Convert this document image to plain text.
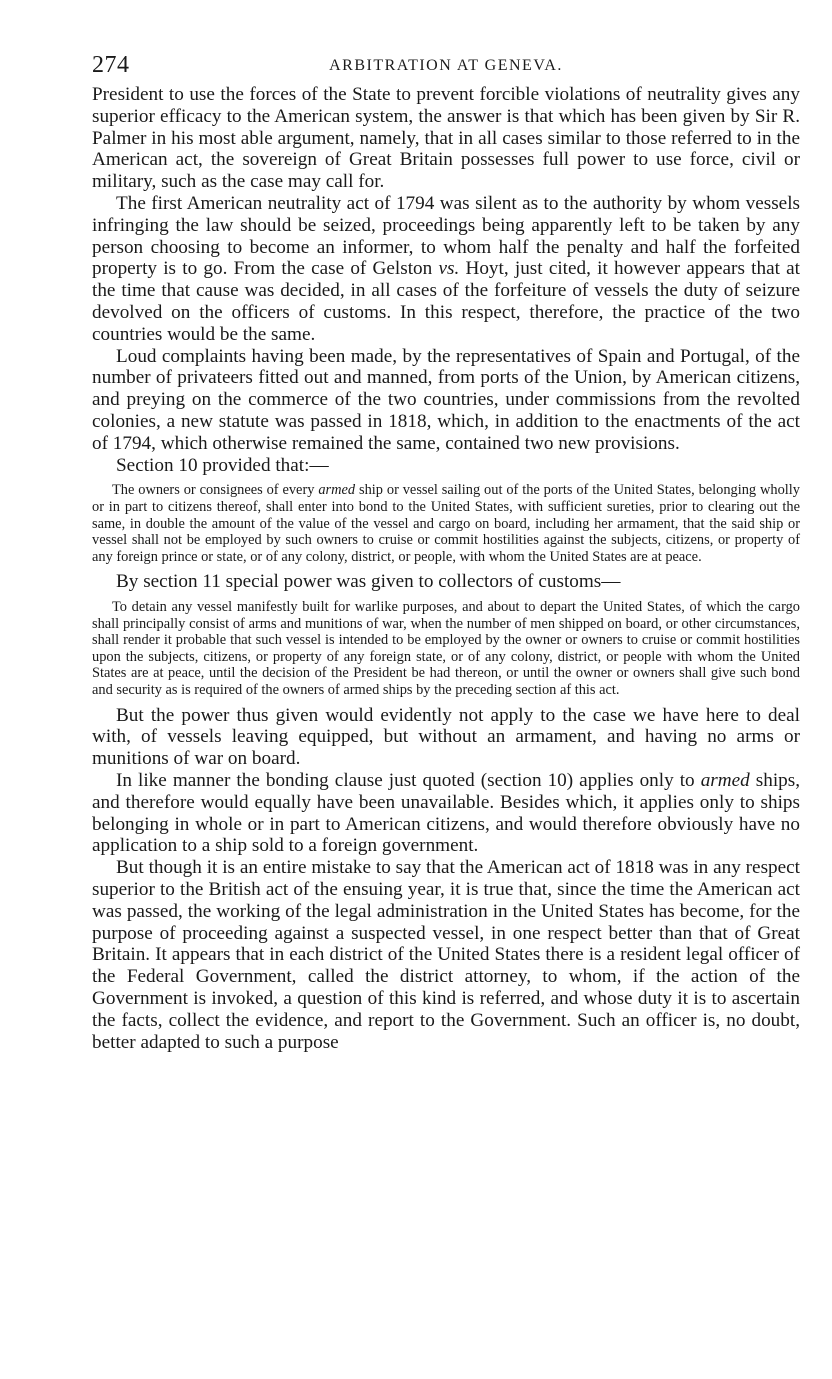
274	ARBITRATION AT GENEVA.

President to use the forces of the State to prevent forcible violations of neutrality gives any superior efficacy to the American system, the answer is that which has been given by Sir R. Palmer in his most able argument, namely, that in all cases similar to those referred to in the American act, the sovereign of Great Britain possesses full power to use force, civil or military, such as the case may call for.

The first American neutrality act of 1794 was silent as to the authority by whom vessels infringing the law should be seized, proceedings being apparently left to be taken by any person choosing to become an informer, to whom half the penalty and half the forfeited property is to go. From the case of Gelston vs. Hoyt, just cited, it however appears that at the time that cause was decided, in all cases of the forfeiture of vessels the duty of seizure devolved on the officers of customs. In this respect, therefore, the practice of the two countries would be the same.

Loud complaints having been made, by the representatives of Spain and Portugal, of the number of privateers fitted out and manned, from ports of the Union, by American citizens, and preying on the commerce of the two countries, under commissions from the revolted colonies, a new statute was passed in 1818, which, in addition to the enactments of the act of 1794, which otherwise remained the same, contained two new provisions.

Section 10 provided that:—

The owners or consignees of every armed ship or vessel sailing out of the ports of the United States, belonging wholly or in part to citizens thereof, shall enter into bond to the United States, with sufficient sureties, prior to clearing out the same, in double the amount of the value of the vessel and cargo on board, including her armament, that the said ship or vessel shall not be employed by such owners to cruise or commit hostilities against the subjects, citizens, or property of any foreign prince or state, or of any colony, district, or people, with whom the United States are at peace.

By section 11 special power was given to collectors of customs—

To detain any vessel manifestly built for warlike purposes, and about to depart the United States, of which the cargo shall principally consist of arms and munitions of war, when the number of men shipped on board, or other circumstances, shall render it probable that such vessel is intended to be employed by the owner or owners to cruise or commit hostilities upon the subjects, citizens, or property of any foreign state, or of any colony, district, or people with whom the United States are at peace, until the decision of the President be had thereon, or until the owner or owners shall give such bond and security as is required of the owners of armed ships by the preceding section af this act.

But the power thus given would evidently not apply to the case we have here to deal with, of vessels leaving equipped, but without an armament, and having no arms or munitions of war on board.

In like manner the bonding clause just quoted (section 10) applies only to armed ships, and therefore would equally have been unavailable. Besides which, it applies only to ships belonging in whole or in part to American citizens, and would therefore obviously have no application to a ship sold to a foreign government.

But though it is an entire mistake to say that the American act of 1818 was in any respect superior to the British act of the ensuing year, it is true that, since the time the American act was passed, the working of the legal administration in the United States has become, for the purpose of proceeding against a suspected vessel, in one respect better than that of Great Britain. It appears that in each district of the United States there is a resident legal officer of the Federal Government, called the district attorney, to whom, if the action of the Government is invoked, a question of this kind is referred, and whose duty it is to ascertain the facts, collect the evidence, and report to the Government. Such an officer is, no doubt, better adapted to such a purpose
